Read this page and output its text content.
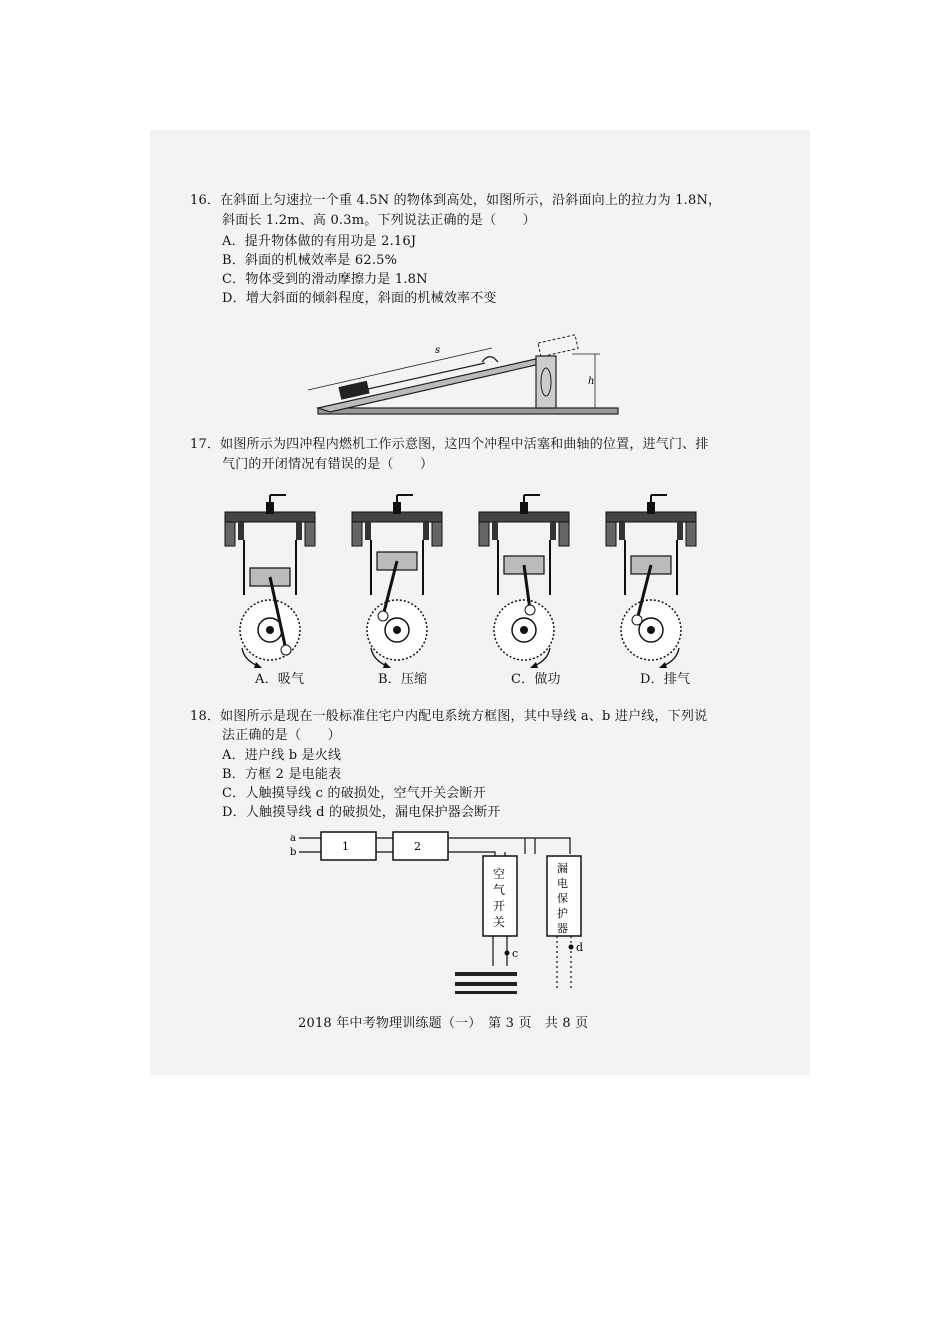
16．在斜面上匀速拉一个重 4.5N 的物体到高处，如图所示，沿斜面向上的拉力为 1.8N，
斜面长 1.2m、高 0.3m。下列说法正确的是（　　）
A．提升物体做的有用功是 2.16J
B．斜面的机械效率是 62.5%
C．物体受到的滑动摩擦力是 1.8N
D．增大斜面的倾斜程度，斜面的机械效率不变
s
h
17．如图所示为四冲程内燃机工作示意图，这四个冲程中活塞和曲轴的位置，进气门、排
气门的开闭情况有错误的是（　　）
A．吸气	B．压缩	C．做功	D．排气
18．如图所示是现在一般标准住宅户内配电系统方框图，其中导线 a、b 进户线，下列说
法正确的是（　　）
A．进户线 b 是火线
B．方框 2 是电能表
C．人触摸导线 c 的破损处，空气开关会断开
D．人触摸导线 d 的破损处，漏电保护器会断开
a
b	1	2
空
气
开
关
漏
电
保
护
器
c	d
2018 年中考物理训练题（一）　第 3 页　共 8 页
